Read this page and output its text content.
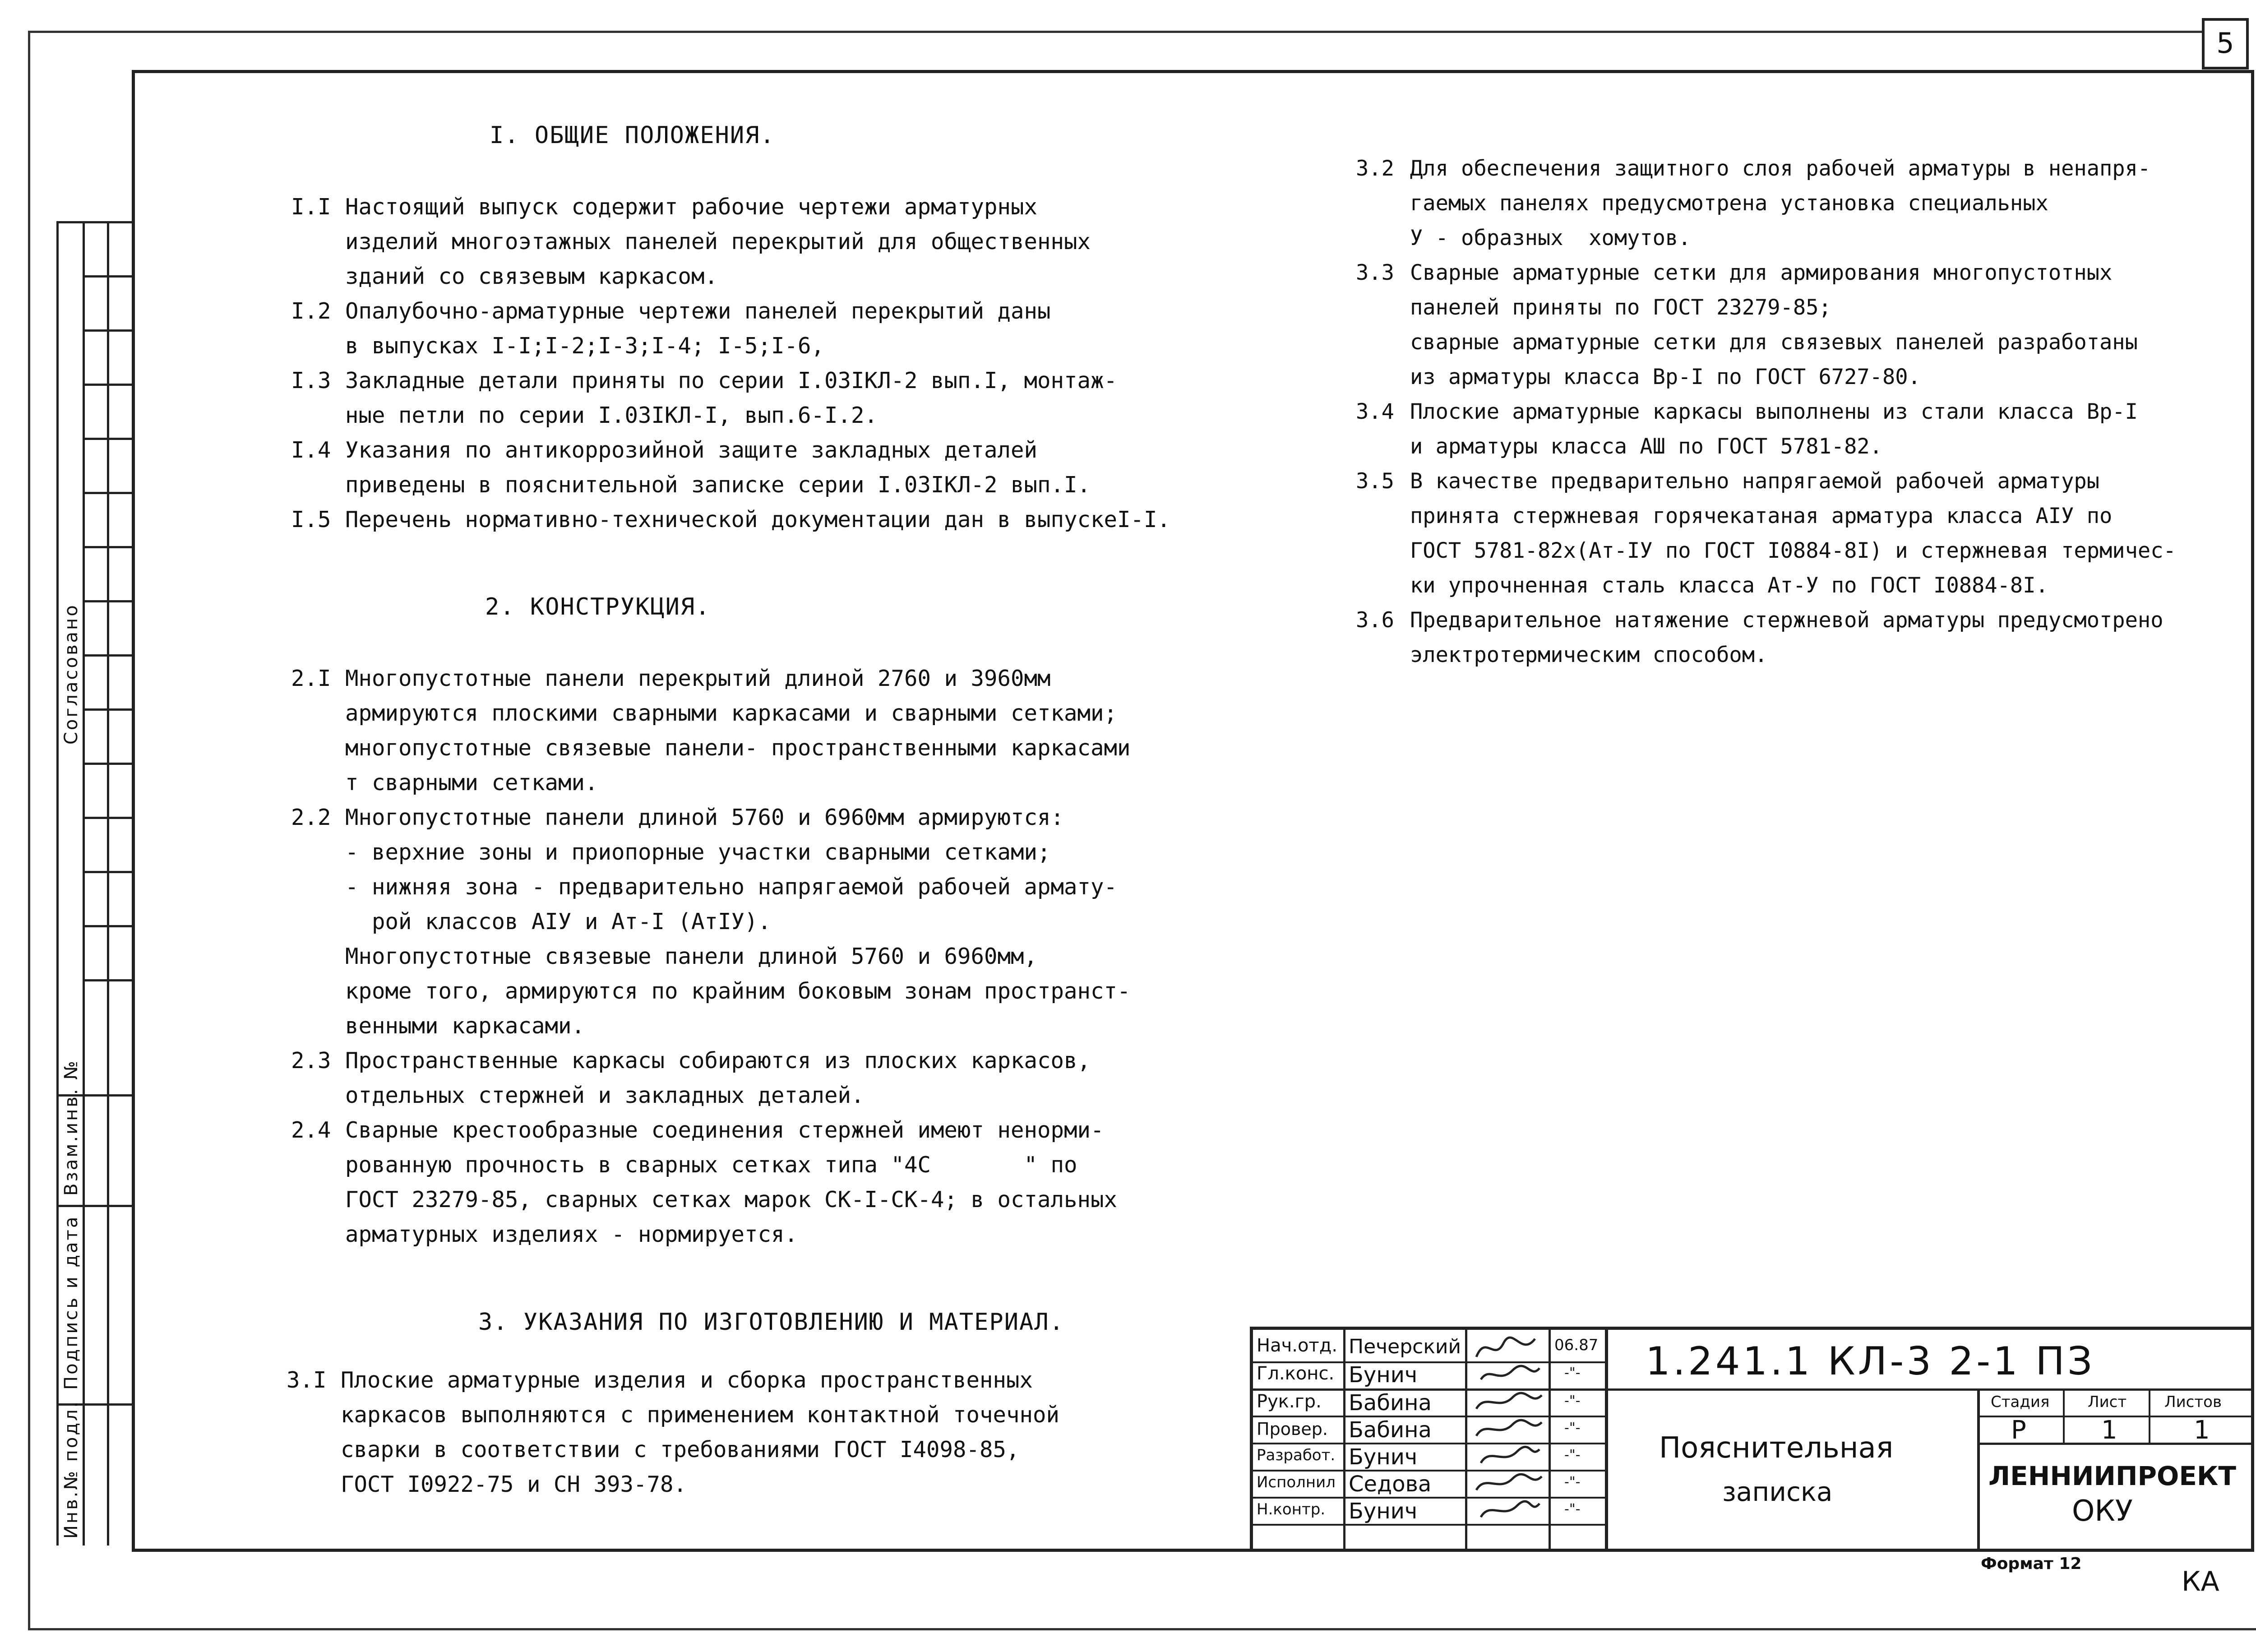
5
Согласовано
Взам.инв. №
Подпись и дата
Инв.№ подл.
I. ОБЩИЕ ПОЛОЖЕНИЯ.
I.I Настоящий выпуск содержит рабочие чертежи арматурных
изделий многоэтажных панелей перекрытий для общественных
зданий со связевым каркасом.
I.2 Опалубочно-арматурные чертежи панелей перекрытий даны
в выпусках I-I;I-2;I-3;I-4; I-5;I-6,
I.3 Закладные детали приняты по серии I.03IКЛ-2 вып.I, монтаж-
ные петли по серии I.03IКЛ-I, вып.6-I.2.
I.4 Указания по антикоррозийной защите закладных деталей
приведены в пояснительной записке серии I.03IКЛ-2 вып.I.
I.5 Перечень нормативно-технической документации дан в выпускеI-I.
2. КОНСТРУКЦИЯ.
2.I Многопустотные панели перекрытий длиной 2760 и 3960мм
армируются плоскими сварными каркасами и сварными сетками;
многопустотные связевые панели- пространственными каркасами
т сварными сетками.
2.2 Многопустотные панели длиной 5760 и 6960мм армируются:
- верхние зоны и приопорные участки сварными сетками;
- нижняя зона - предварительно напрягаемой рабочей армату-
рой классов АIУ и Ат-I (АтIУ).
Многопустотные связевые панели длиной 5760 и 6960мм,
кроме того, армируются по крайним боковым зонам пространст-
венными каркасами.
2.3 Пространственные каркасы собираются из плоских каркасов,
отдельных стержней и закладных деталей.
2.4 Сварные крестообразные соединения стержней имеют ненорми-
рованную прочность в сварных сетках типа "4С       " по
ГОСТ 23279-85, сварных сетках марок СК-I-СК-4; в остальных
арматурных изделиях - нормируется.
3. УКАЗАНИЯ ПО ИЗГОТОВЛЕНИЮ И МАТЕРИАЛ.
3.I Плоские арматурные изделия и сборка пространственных
каркасов выполняются с применением контактной точечной
сварки в соответствии с требованиями ГОСТ I4098-85,
ГОСТ I0922-75 и СН 393-78.
3.2 Для обеспечения защитного слоя рабочей арматуры в ненапря-
гаемых панелях предусмотрена установка специальных
У - образных  хомутов.
3.3 Сварные арматурные сетки для армирования многопустотных
панелей приняты по ГОСТ 23279-85;
сварные арматурные сетки для связевых панелей разработаны
из арматуры класса Вр-I по ГОСТ 6727-80.
3.4 Плоские арматурные каркасы выполнены из стали класса Вр-I
и арматуры класса АШ по ГОСТ 5781-82.
3.5 В качестве предварительно напрягаемой рабочей арматуры
принята стержневая горячекатаная арматура класса АIУ по
ГОСТ 5781-82х(Ат-IУ по ГОСТ I0884-8I) и стержневая термичес-
ки упрочненная сталь класса Ат-У по ГОСТ I0884-8I.
3.6 Предварительное натяжение стержневой арматуры предусмотрено
электротермическим способом.
Нач.отд. Печерский	06.87
Гл.конс. Бунич	-"-
Рук.гр. Бабина	-"-
Провер. Бабина	-"-
Разработ. Бунич	-"-
Исполнил Седова	-"-
Н.контр. Бунич	-"-
1.241.1 КЛ-3 2-1 ПЗ
Пояснительная
записка
Стадия Лист Листов
Р	1	1
ЛЕННИИПРОЕКТ
ОКУ
Формат 12
КА
